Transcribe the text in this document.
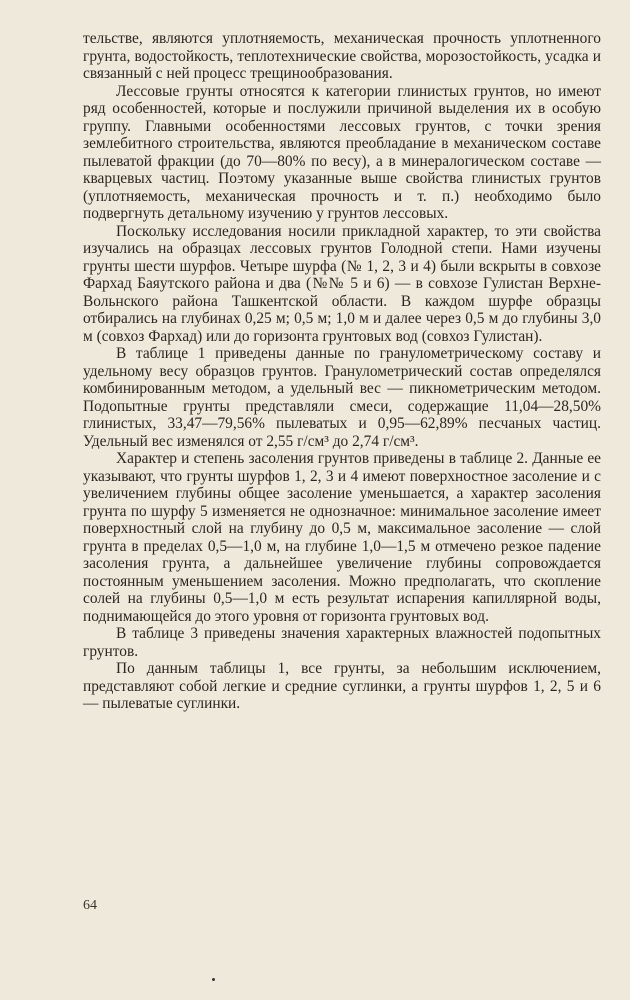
тельстве, являются уплотняемость, механическая прочность уплотненного грунта, водостойкость, теплотехнические свойства, морозостойкость, усадка и связанный с ней процесс трещинообразования.

Лессовые грунты относятся к категории глинистых грунтов, но имеют ряд особенностей, которые и послужили причиной выделения их в особую группу. Главными особенностями лессовых грунтов, с точки зрения землебитного строительства, являются преобладание в механическом составе пылеватой фракции (до 70—80% по весу), а в минералогическом составе — кварцевых частиц. Поэтому указанные выше свойства глинистых грунтов (уплотняемость, механическая прочность и т. п.) необходимо было подвергнуть детальному изучению у грунтов лессовых.

Поскольку исследования носили прикладной характер, то эти свойства изучались на образцах лессовых грунтов Голодной степи. Нами изучены грунты шести шурфов. Четыре шурфа (№ 1, 2, 3 и 4) были вскрыты в совхозе Фархад Баяутского района и два (№№ 5 и 6) — в совхозе Гулистан Верхне-Вольнского района Ташкентской области. В каждом шурфе образцы отбирались на глубинах 0,25 м; 0,5 м; 1,0 м и далее через 0,5 м до глубины 3,0 м (совхоз Фархад) или до горизонта грунтовых вод (совхоз Гулистан).

В таблице 1 приведены данные по гранулометрическому составу и удельному весу образцов грунтов. Гранулометрический состав определялся комбинированным методом, а удельный вес — пикнометрическим методом. Подопытные грунты представляли смеси, содержащие 11,04—28,50% глинистых, 33,47—79,56% пылеватых и 0,95—62,89% песчаных частиц. Удельный вес изменялся от 2,55 г/см³ до 2,74 г/см³.

Характер и степень засоления грунтов приведены в таблице 2. Данные ее указывают, что грунты шурфов 1, 2, 3 и 4 имеют поверхностное засоление и с увеличением глубины общее засоление уменьшается, а характер засоления грунта по шурфу 5 изменяется не однозначное: минимальное засоление имеет поверхностный слой на глубину до 0,5 м, максимальное засоление — слой грунта в пределах 0,5—1,0 м, на глубине 1,0—1,5 м отмечено резкое падение засоления грунта, а дальнейшее увеличение глубины сопровождается постоянным уменьшением засоления. Можно предполагать, что скопление солей на глубины 0,5—1,0 м есть результат испарения капиллярной воды, поднимающейся до этого уровня от горизонта грунтовых вод.

В таблице 3 приведены значения характерных влажностей подопытных грунтов.

По данным таблицы 1, все грунты, за небольшим исключением, представляют собой легкие и средние суглинки, а грунты шурфов 1, 2, 5 и 6 — пылеватые суглинки.

64
